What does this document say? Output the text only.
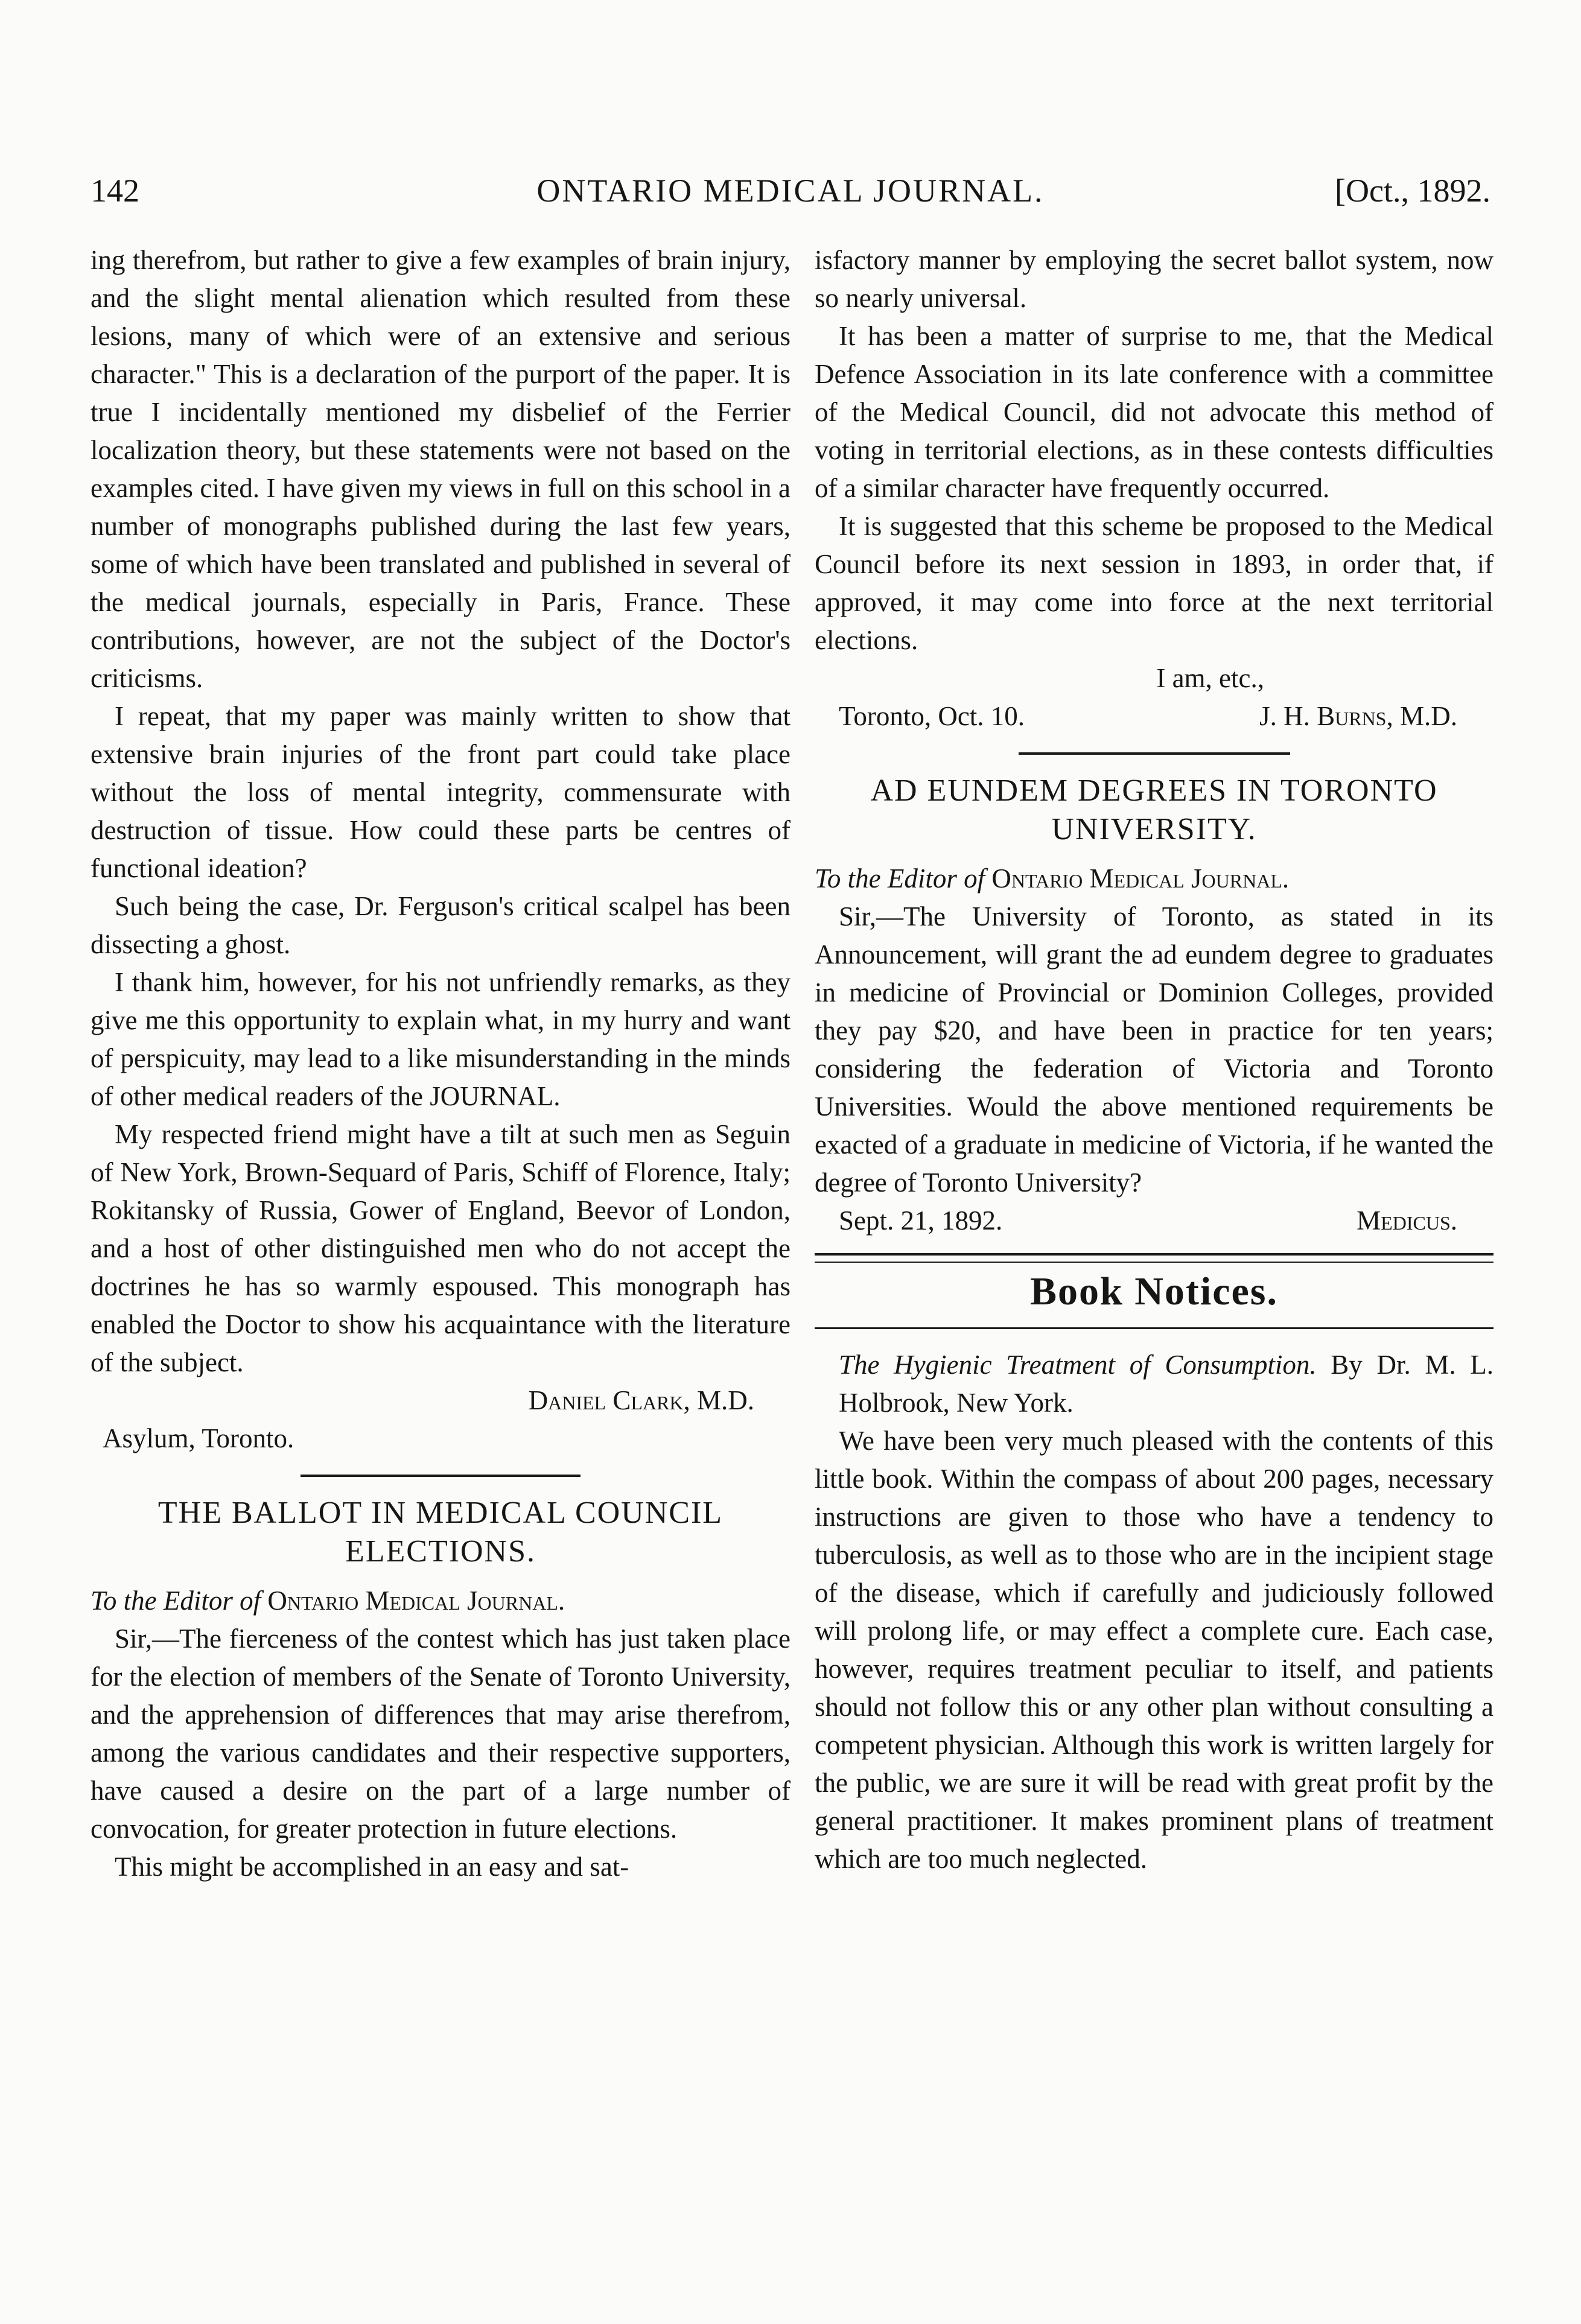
142	ONTARIO MEDICAL JOURNAL.	[Oct., 1892.

ing therefrom, but rather to give a few examples of brain injury, and the slight mental alienation which resulted from these lesions, many of which were of an extensive and serious character." This is a declaration of the purport of the paper. It is true I incidentally mentioned my disbelief of the Ferrier localization theory, but these statements were not based on the examples cited. I have given my views in full on this school in a number of monographs published during the last few years, some of which have been translated and published in several of the medical journals, especially in Paris, France. These contributions, however, are not the subject of the Doctor's criticisms.

I repeat, that my paper was mainly written to show that extensive brain injuries of the front part could take place without the loss of mental integrity, commensurate with destruction of tissue. How could these parts be centres of functional ideation?

Such being the case, Dr. Ferguson's critical scalpel has been dissecting a ghost.

I thank him, however, for his not unfriendly remarks, as they give me this opportunity to explain what, in my hurry and want of perspicuity, may lead to a like misunderstanding in the minds of other medical readers of the JOURNAL.

My respected friend might have a tilt at such men as Seguin of New York, Brown-Sequard of Paris, Schiff of Florence, Italy; Rokitansky of Russia, Gower of England, Beevor of London, and a host of other distinguished men who do not accept the doctrines he has so warmly espoused. This monograph has enabled the Doctor to show his acquaintance with the literature of the subject.

Daniel Clark, M.D.

Asylum, Toronto.

THE BALLOT IN MEDICAL COUNCIL ELECTIONS.

To the Editor of Ontario Medical Journal.

Sir,—The fierceness of the contest which has just taken place for the election of members of the Senate of Toronto University, and the apprehension of differences that may arise therefrom, among the various candidates and their respective supporters, have caused a desire on the part of a large number of convocation, for greater protection in future elections.

This might be accomplished in an easy and sat-

isfactory manner by employing the secret ballot system, now so nearly universal.

It has been a matter of surprise to me, that the Medical Defence Association in its late conference with a committee of the Medical Council, did not advocate this method of voting in territorial elections, as in these contests difficulties of a similar character have frequently occurred.

It is suggested that this scheme be proposed to the Medical Council before its next session in 1893, in order that, if approved, it may come into force at the next territorial elections.

I am, etc.,

Toronto, Oct. 10.	J. H. Burns, M.D.

AD EUNDEM DEGREES IN TORONTO UNIVERSITY.

To the Editor of Ontario Medical Journal.

Sir,—The University of Toronto, as stated in its Announcement, will grant the ad eundem degree to graduates in medicine of Provincial or Dominion Colleges, provided they pay $20, and have been in practice for ten years; considering the federation of Victoria and Toronto Universities. Would the above mentioned requirements be exacted of a graduate in medicine of Victoria, if he wanted the degree of Toronto University?

Sept. 21, 1892.	Medicus.

Book Notices.

The Hygienic Treatment of Consumption. By Dr. M. L. Holbrook, New York.

We have been very much pleased with the contents of this little book. Within the compass of about 200 pages, necessary instructions are given to those who have a tendency to tuberculosis, as well as to those who are in the incipient stage of the disease, which if carefully and judiciously followed will prolong life, or may effect a complete cure. Each case, however, requires treatment peculiar to itself, and patients should not follow this or any other plan without consulting a competent physician. Although this work is written largely for the public, we are sure it will be read with great profit by the general practitioner. It makes prominent plans of treatment which are too much neglected.
